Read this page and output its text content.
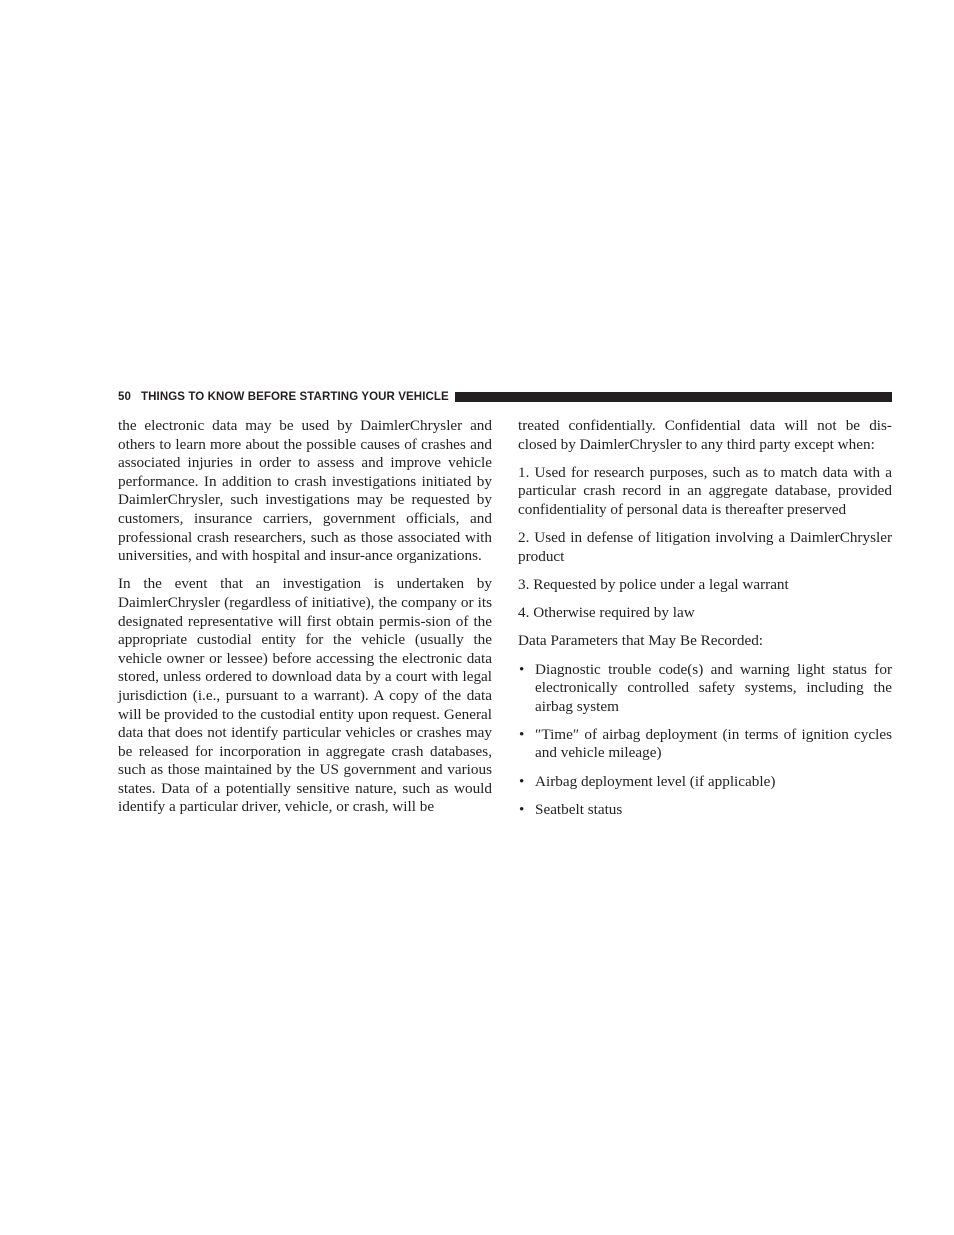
50 THINGS TO KNOW BEFORE STARTING YOUR VEHICLE

the electronic data may be used by DaimlerChrysler and others to learn more about the possible causes of crashes and associated injuries in order to assess and improve vehicle performance. In addition to crash investigations initiated by DaimlerChrysler, such investigations may be requested by customers, insurance carriers, government officials, and professional crash researchers, such as those associated with universities, and with hospital and insur-ance organizations.

In the event that an investigation is undertaken by DaimlerChrysler (regardless of initiative), the company or its designated representative will first obtain permis-sion of the appropriate custodial entity for the vehicle (usually the vehicle owner or lessee) before accessing the electronic data stored, unless ordered to download data by a court with legal jurisdiction (i.e., pursuant to a warrant). A copy of the data will be provided to the custodial entity upon request. General data that does not identify particular vehicles or crashes may be released for incorporation in aggregate crash databases, such as those maintained by the US government and various states. Data of a potentially sensitive nature, such as would identify a particular driver, vehicle, or crash, will be

treated confidentially. Confidential data will not be dis-closed by DaimlerChrysler to any third party except when:

1. Used for research purposes, such as to match data with a particular crash record in an aggregate database, provided confidentiality of personal data is thereafter preserved
2. Used in defense of litigation involving a DaimlerChrysler product
3. Requested by police under a legal warrant
4. Otherwise required by law

Data Parameters that May Be Recorded:

• Diagnostic trouble code(s) and warning light status for electronically controlled safety systems, including the airbag system
• ″Time″ of airbag deployment (in terms of ignition cycles and vehicle mileage)
• Airbag deployment level (if applicable)
• Seatbelt status
